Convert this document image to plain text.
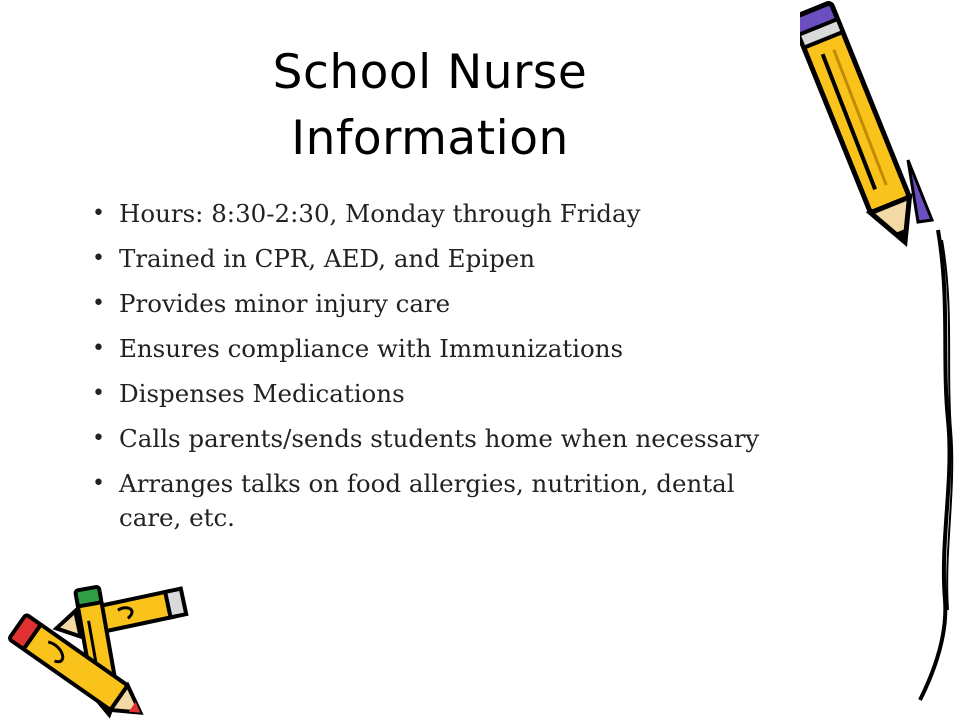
School Nurse
Information
• Hours: 8:30-2:30, Monday through Friday
• Trained in CPR, AED, and Epipen
• Provides minor injury care
• Ensures compliance with Immunizations
• Dispenses Medications
• Calls parents/sends students home when necessary
• Arranges talks on food allergies, nutrition, dental care, etc.
